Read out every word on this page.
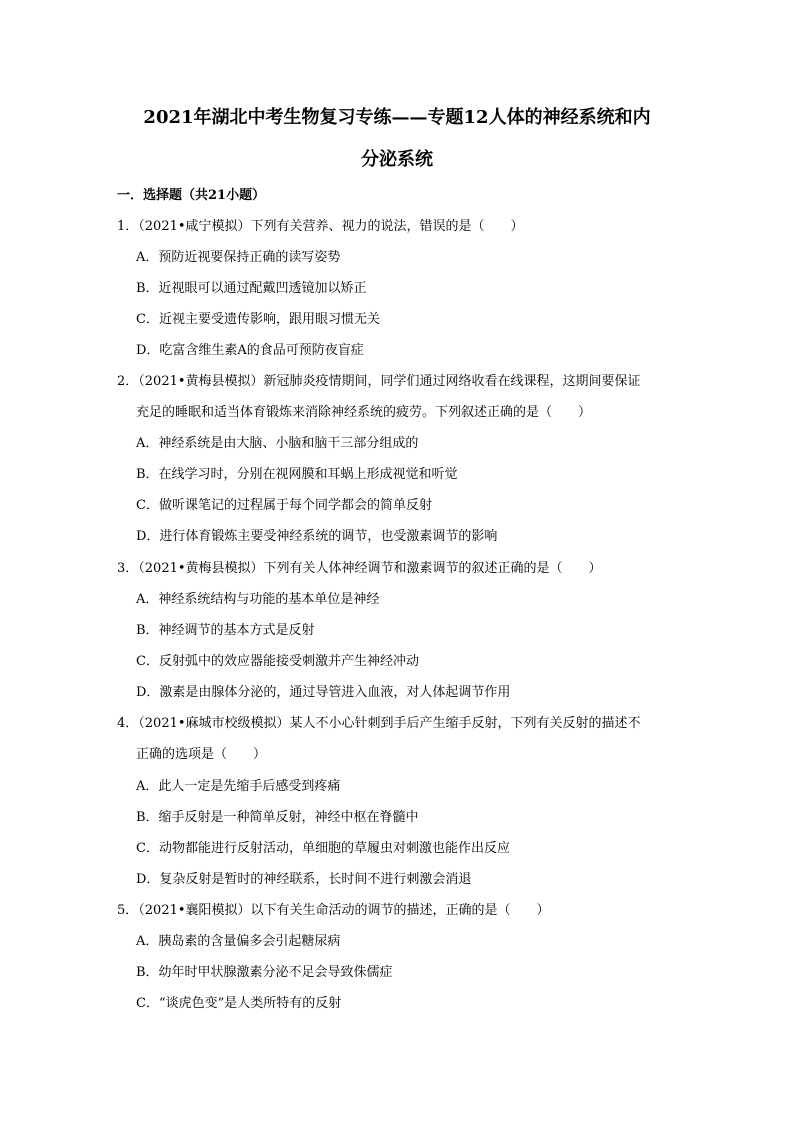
2021年湖北中考生物复习专练——专题12人体的神经系统和内
分泌系统
一．选择题（共21小题）
1．（2021•咸宁模拟）下列有关营养、视力的说法，错误的是（　　）
A．预防近视要保持正确的读写姿势
B．近视眼可以通过配戴凹透镜加以矫正
C．近视主要受遗传影响，跟用眼习惯无关
D．吃富含维生素A的食品可预防夜盲症
2．（2021•黄梅县模拟）新冠肺炎疫情期间，同学们通过网络收看在线课程，这期间要保证
充足的睡眠和适当体育锻炼来消除神经系统的疲劳。下列叙述正确的是（　　）
A．神经系统是由大脑、小脑和脑干三部分组成的
B．在线学习时，分别在视网膜和耳蜗上形成视觉和听觉
C．做听课笔记的过程属于每个同学都会的简单反射
D．进行体育锻炼主要受神经系统的调节，也受激素调节的影响
3．（2021•黄梅县模拟）下列有关人体神经调节和激素调节的叙述正确的是（　　）
A．神经系统结构与功能的基本单位是神经
B．神经调节的基本方式是反射
C．反射弧中的效应器能接受刺激并产生神经冲动
D．激素是由腺体分泌的，通过导管进入血液，对人体起调节作用
4．（2021•麻城市校级模拟）某人不小心针刺到手后产生缩手反射，下列有关反射的描述不
正确的选项是（　　）
A．此人一定是先缩手后感受到疼痛
B．缩手反射是一种简单反射，神经中枢在脊髓中
C．动物都能进行反射活动，单细胞的草履虫对刺激也能作出反应
D．复杂反射是暂时的神经联系，长时间不进行刺激会消退
5．（2021•襄阳模拟）以下有关生命活动的调节的描述，正确的是（　　）
A．胰岛素的含量偏多会引起糖尿病
B．幼年时甲状腺激素分泌不足会导致侏儒症
C．“谈虎色变”是人类所特有的反射
